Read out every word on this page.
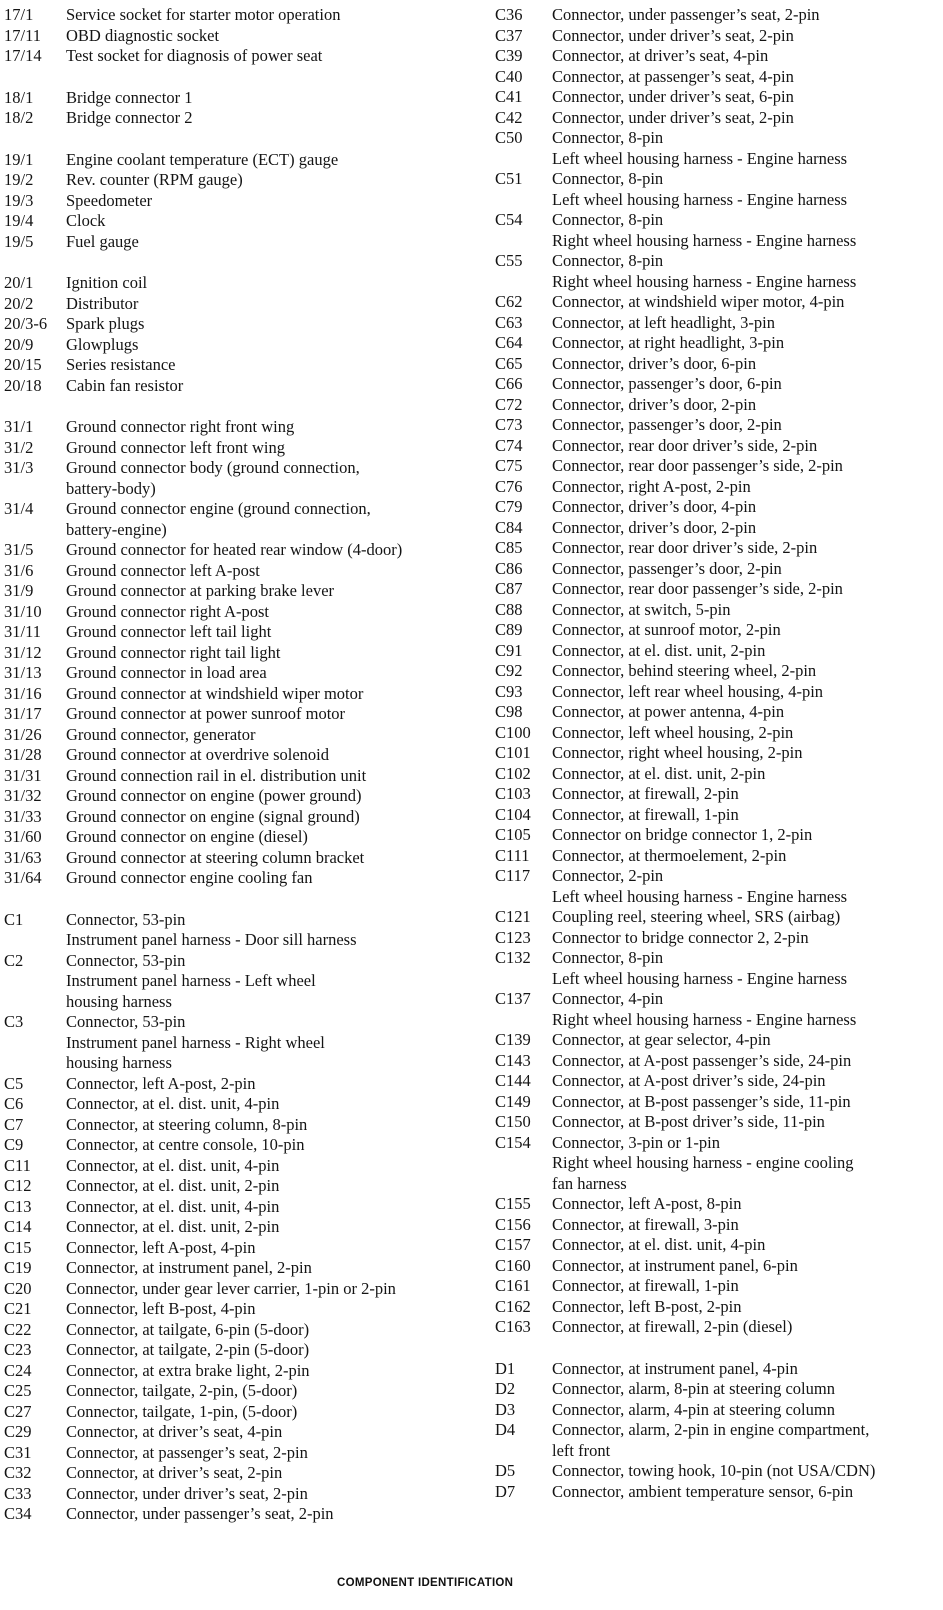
17/1	Service socket for starter motor operation
17/11	OBD diagnostic socket
17/14	Test socket for diagnosis of power seat
18/1	Bridge connector 1
18/2	Bridge connector 2
19/1	Engine coolant temperature (ECT) gauge
19/2	Rev. counter (RPM gauge)
19/3	Speedometer
19/4	Clock
19/5	Fuel gauge
20/1	Ignition coil
20/2	Distributor
20/3-6	Spark plugs
20/9	Glowplugs
20/15	Series resistance
20/18	Cabin fan resistor
31/1	Ground connector right front wing
31/2	Ground connector left front wing
31/3	Ground connector body (ground connection,
battery-body)
31/4	Ground connector engine (ground connection,
battery-engine)
31/5	Ground connector for heated rear window (4-door)
31/6	Ground connector left A-post
31/9	Ground connector at parking brake lever
31/10	Ground connector right A-post
31/11	Ground connector left tail light
31/12	Ground connector right tail light
31/13	Ground connector in load area
31/16	Ground connector at windshield wiper motor
31/17	Ground connector at power sunroof motor
31/26	Ground connector, generator
31/28	Ground connector at overdrive solenoid
31/31	Ground connection rail in el. distribution unit
31/32	Ground connector on engine (power ground)
31/33	Ground connector on engine (signal ground)
31/60	Ground connector on engine (diesel)
31/63	Ground connector at steering column bracket
31/64	Ground connector engine cooling fan
C1	Connector, 53-pin
Instrument panel harness - Door sill harness
C2	Connector, 53-pin
Instrument panel harness - Left wheel
housing harness
C3	Connector, 53-pin
Instrument panel harness - Right wheel
housing harness
C5	Connector, left A-post, 2-pin
C6	Connector, at el. dist. unit, 4-pin
C7	Connector, at steering column, 8-pin
C9	Connector, at centre console, 10-pin
C11	Connector, at el. dist. unit, 4-pin
C12	Connector, at el. dist. unit, 2-pin
C13	Connector, at el. dist. unit, 4-pin
C14	Connector, at el. dist. unit, 2-pin
C15	Connector, left A-post, 4-pin
C19	Connector, at instrument panel, 2-pin
C20	Connector, under gear lever carrier, 1-pin or 2-pin
C21	Connector, left B-post, 4-pin
C22	Connector, at tailgate, 6-pin (5-door)
C23	Connector, at tailgate, 2-pin (5-door)
C24	Connector, at extra brake light, 2-pin
C25	Connector, tailgate, 2-pin, (5-door)
C27	Connector, tailgate, 1-pin, (5-door)
C29	Connector, at driver’s seat, 4-pin
C31	Connector, at passenger’s seat, 2-pin
C32	Connector, at driver’s seat, 2-pin
C33	Connector, under driver’s seat, 2-pin
C34	Connector, under passenger’s seat, 2-pin
C36	Connector, under passenger’s seat, 2-pin
C37	Connector, under driver’s seat, 2-pin
C39	Connector, at driver’s seat, 4-pin
C40	Connector, at passenger’s seat, 4-pin
C41	Connector, under driver’s seat, 6-pin
C42	Connector, under driver’s seat, 2-pin
C50	Connector, 8-pin
Left wheel housing harness - Engine harness
C51	Connector, 8-pin
Left wheel housing harness - Engine harness
C54	Connector, 8-pin
Right wheel housing harness - Engine harness
C55	Connector, 8-pin
Right wheel housing harness - Engine harness
C62	Connector, at windshield wiper motor, 4-pin
C63	Connector, at left headlight, 3-pin
C64	Connector, at right headlight, 3-pin
C65	Connector, driver’s door, 6-pin
C66	Connector, passenger’s door, 6-pin
C72	Connector, driver’s door, 2-pin
C73	Connector, passenger’s door, 2-pin
C74	Connector, rear door driver’s side, 2-pin
C75	Connector, rear door passenger’s side, 2-pin
C76	Connector, right A-post, 2-pin
C79	Connector, driver’s door, 4-pin
C84	Connector, driver’s door, 2-pin
C85	Connector, rear door driver’s side, 2-pin
C86	Connector, passenger’s door, 2-pin
C87	Connector, rear door passenger’s side, 2-pin
C88	Connector, at switch, 5-pin
C89	Connector, at sunroof motor, 2-pin
C91	Connector, at el. dist. unit, 2-pin
C92	Connector, behind steering wheel, 2-pin
C93	Connector, left rear wheel housing, 4-pin
C98	Connector, at power antenna, 4-pin
C100	Connector, left wheel housing, 2-pin
C101	Connector, right wheel housing, 2-pin
C102	Connector, at el. dist. unit, 2-pin
C103	Connector, at firewall, 2-pin
C104	Connector, at firewall, 1-pin
C105	Connector on bridge connector 1, 2-pin
C111	Connector, at thermoelement, 2-pin
C117	Connector, 2-pin
Left wheel housing harness - Engine harness
C121	Coupling reel, steering wheel, SRS (airbag)
C123	Connector to bridge connector 2, 2-pin
C132	Connector, 8-pin
Left wheel housing harness - Engine harness
C137	Connector, 4-pin
Right wheel housing harness - Engine harness
C139	Connector, at gear selector, 4-pin
C143	Connector, at A-post passenger’s side, 24-pin
C144	Connector, at A-post driver’s side, 24-pin
C149	Connector, at B-post passenger’s side, 11-pin
C150	Connector, at B-post driver’s side, 11-pin
C154	Connector, 3-pin or 1-pin
Right wheel housing harness - engine cooling
fan harness
C155	Connector, left A-post, 8-pin
C156	Connector, at firewall, 3-pin
C157	Connector, at el. dist. unit, 4-pin
C160	Connector, at instrument panel, 6-pin
C161	Connector, at firewall, 1-pin
C162	Connector, left B-post, 2-pin
C163	Connector, at firewall, 2-pin (diesel)
D1	Connector, at instrument panel, 4-pin
D2	Connector, alarm, 8-pin at steering column
D3	Connector, alarm, 4-pin at steering column
D4	Connector, alarm, 2-pin in engine compartment,
left front
D5	Connector, towing hook, 10-pin (not USA/CDN)
D7	Connector, ambient temperature sensor, 6-pin
COMPONENT IDENTIFICATION
